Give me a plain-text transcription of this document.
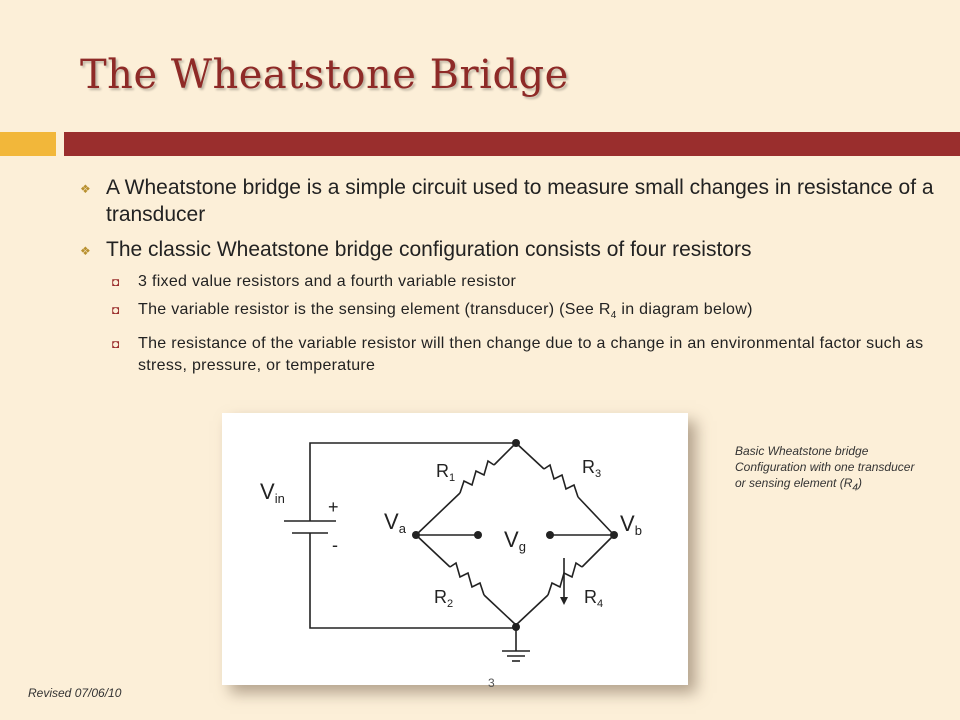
The Wheatstone Bridge
❖ A Wheatstone bridge is a simple circuit used to measure small changes in resistance of a transducer
❖ The classic Wheatstone bridge configuration consists of four resistors
◘ 3 fixed value resistors and a fourth variable resistor
◘ The variable resistor is the sensing element (transducer) (See $R_4$ in diagram below)
◘ The resistance of the variable resistor will then change due to a change in an environmental factor such as stress, pressure, or temperature
Vin +
-
Va	Vb
Vg
$R_1$
$R_3$
$R_2$	$R_4$
Basic Wheatstone bridge Configuration with one transducer or sensing element $(R_4)$
Revised 07/06/10
3
